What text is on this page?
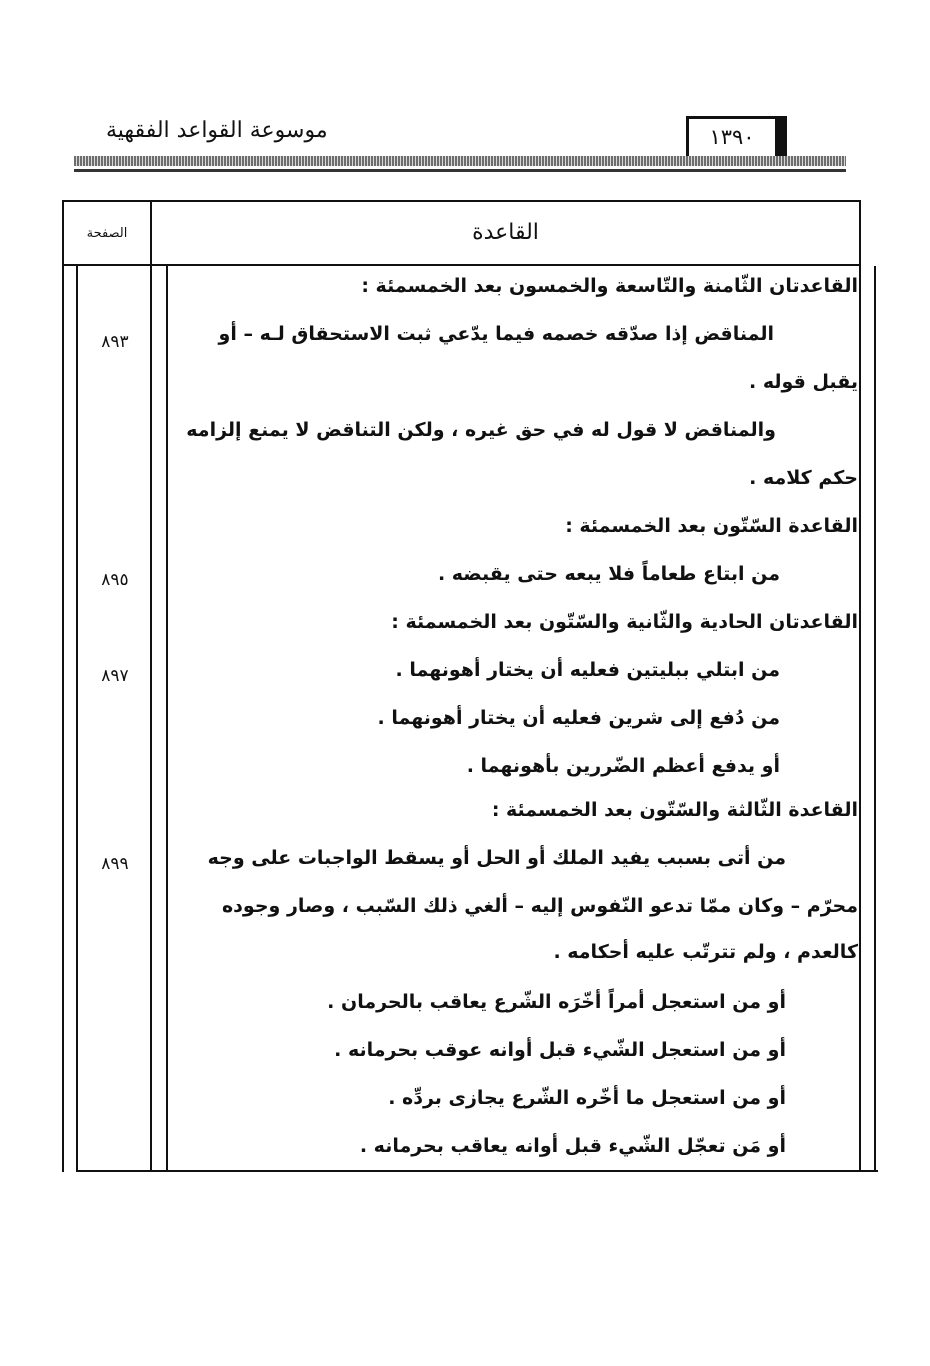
موسوعة القواعد الفقهية	١٣٩٠
الصفحة	القاعدة
القاعدتان الثّامنة والتّاسعة والخمسون بعد الخمسمئة :
المناقض إذا صدّقه خصمه فيما يدّعي ثبت الاستحقاق لـه – أو
يقبل قوله .
والمناقض لا قول له في حق غيره ، ولكن التناقض لا يمنع إلزامه
حكم كلامه .
القاعدة السّتّون بعد الخمسمئة :
من ابتاع طعاماً فلا يبعه حتى يقبضه .
القاعدتان الحادية والثّانية والسّتّون بعد الخمسمئة :
من ابتلي ببليتين فعليه أن يختار أهونهما .
من دُفع إلى شرين فعليه أن يختار أهونهما .
أو يدفع أعظم الضّررين بأهونهما .
القاعدة الثّالثة والسّتّون بعد الخمسمئة :
من أتى بسبب يفيد الملك أو الحل أو يسقط الواجبات على وجه
محرّم – وكان ممّا تدعو النّفوس إليه – ألغي ذلك السّبب ، وصار وجوده
كالعدم ، ولم تترتّب عليه أحكامه .
أو من استعجل أمراً أخّرَه الشّرع يعاقب بالحرمان .
أو من استعجل الشّيء قبل أوانه عوقب بحرمانه .
أو من استعجل ما أخّره الشّرع يجازى بردِّه .
أو مَن تعجّل الشّيء قبل أوانه يعاقب بحرمانه .
٨٩٣
٨٩٥
٨٩٧
٨٩٩
